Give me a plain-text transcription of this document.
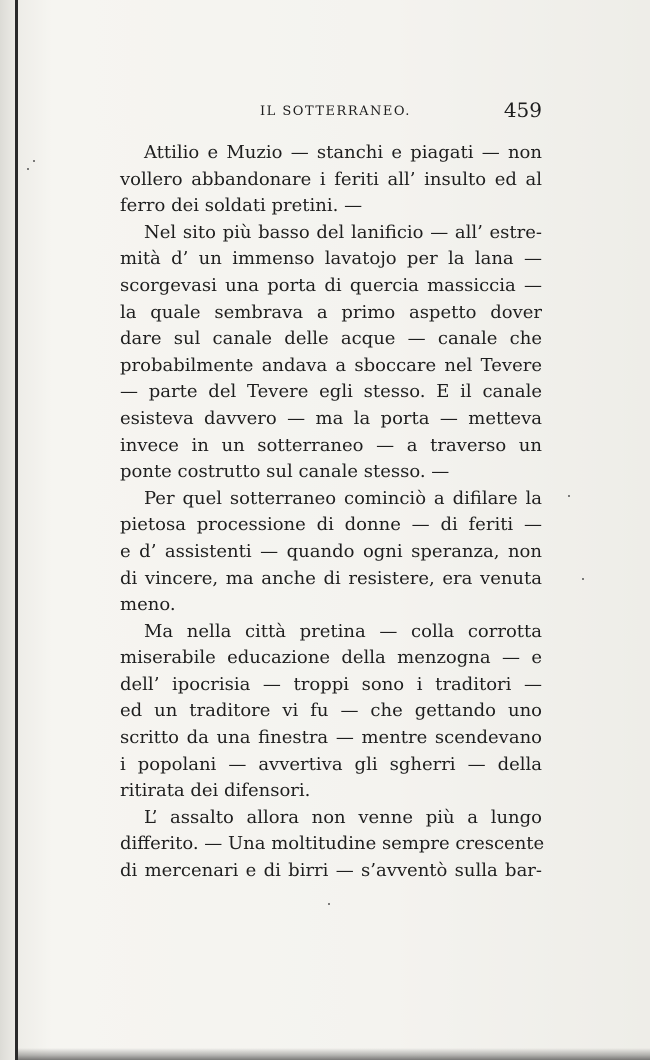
IL SOTTERRANEO.	459
Attilio e Muzio — stanchi e piagati — non
vollero abbandonare i feriti all’ insulto ed al
ferro dei soldati pretini. —
Nel sito più basso del lanificio — all’ estre-
mità d’ un immenso lavatojo per la lana —
scorgevasi una porta di quercia massiccia —
la quale sembrava a primo aspetto dover
dare sul canale delle acque — canale che
probabilmente andava a sboccare nel Tevere
— parte del Tevere egli stesso. E il canale
esisteva davvero — ma la porta — metteva
invece in un sotterraneo — a traverso un
ponte costrutto sul canale stesso. —
Per quel sotterraneo cominciò a difilare la
pietosa processione di donne — di feriti —
e d’ assistenti — quando ogni speranza, non
di vincere, ma anche di resistere, era venuta
meno.
Ma nella città pretina — colla corrotta
miserabile educazione della menzogna — e
dell’ ipocrisia — troppi sono i traditori —
ed un traditore vi fu — che gettando uno
scritto da una finestra — mentre scendevano
i popolani — avvertiva gli sgherri — della
ritirata dei difensori.
L’ assalto allora non venne più a lungo
differito. — Una moltitudine sempre crescente
di mercenari e di birri — s’avventò sulla bar-
